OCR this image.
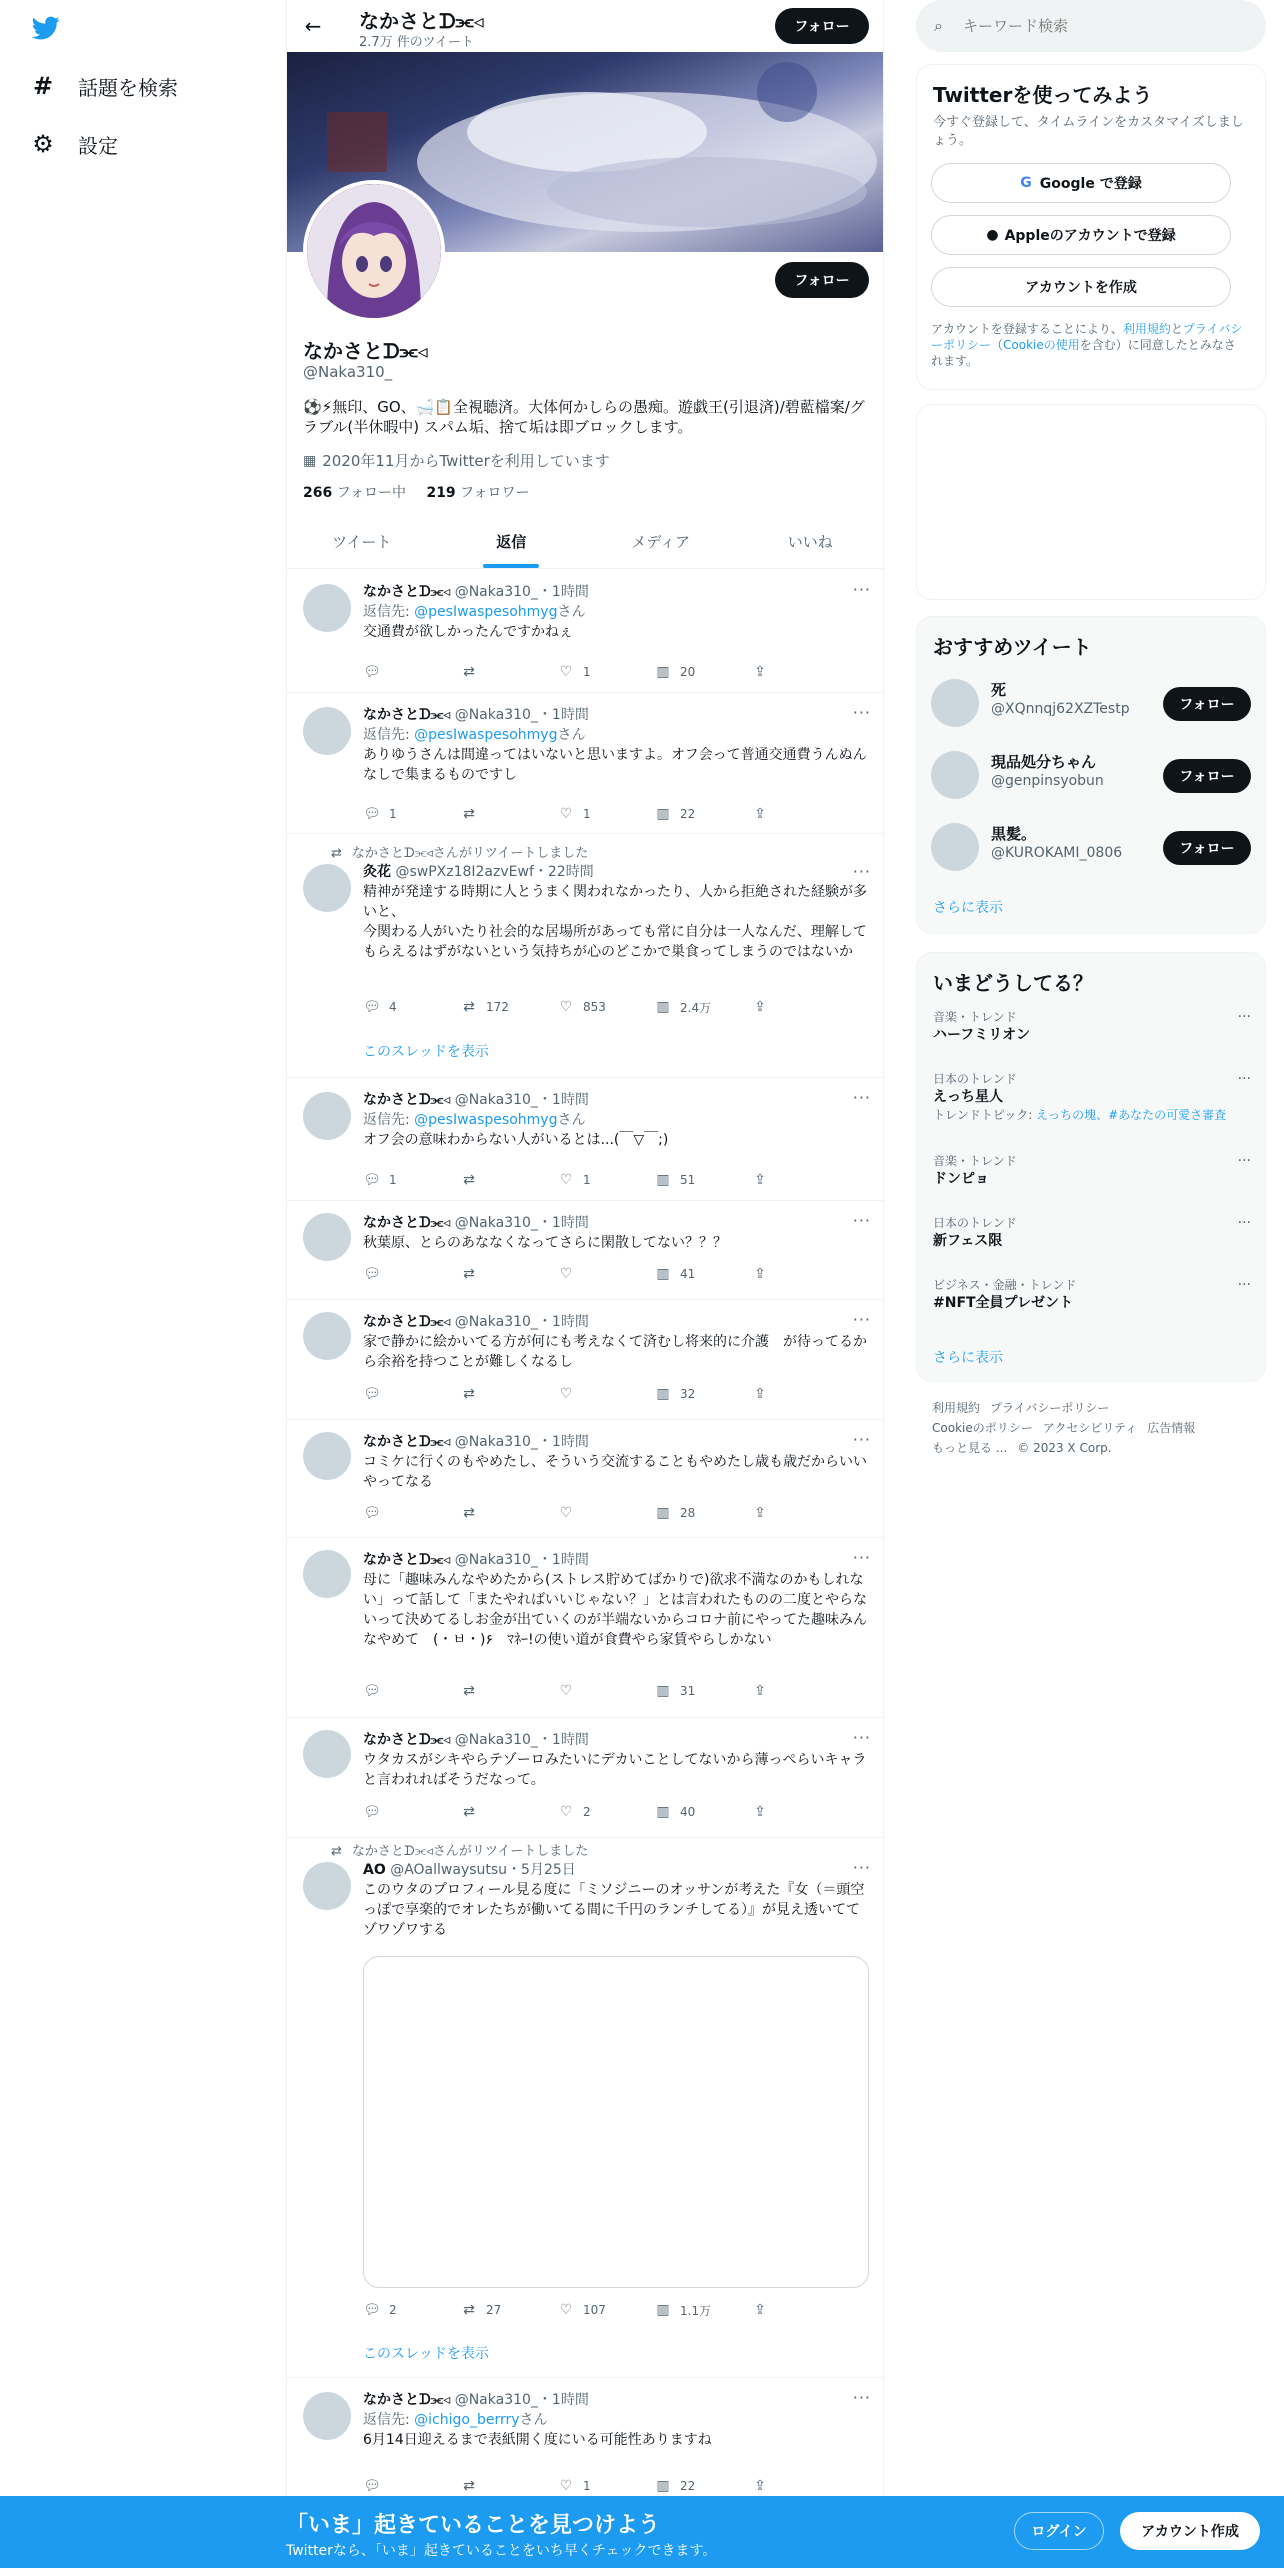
# 話題を検索
⚙ 設定
← なかさとᗪ⫘◃
2.7万 件のツイート
フォロー
フォロー
なかさとᗪ⫘◃
@Naka310_
⚽⚡無印、GO、🛁📋全視聴済。大体何かしらの愚痴。遊戯王(引退済)/碧藍檔案/グラブル(半休暇中) スパム垢、捨て垢は即ブロックします。
▦ 2020年11月からTwitterを利用しています
266 フォロー中 219 フォロワー
ツイート	返信	メディア	いいね
···
なかさとᗪ⫘◃ @Naka310_・1時間
返信先: @pesIwaspesohmygさん
交通費が欲しかったんですかねぇ
💬︎	⇄	♡ 1	▥ 20	⇪
···
なかさとᗪ⫘◃ @Naka310_・1時間
返信先: @pesIwaspesohmygさん
ありゆうさんは間違ってはいないと思いますよ。オフ会って普通交通費うんぬんなしで集まるものですし
💬︎ 1	⇄	♡ 1	▥ 22	⇪
⇄ なかさとᗪ⫘◃さんがリツイートしました
···
灸花 @swPXz18I2azvEwf・22時間
精神が発達する時期に人とうまく関われなかったり、人から拒絶された経験が多いと、
今関わる人がいたり社会的な居場所があっても常に自分は一人なんだ、理解してもらえるはずがないという気持ちが心のどこかで巣食ってしまうのではないか
💬︎ 4	⇄ 172	♡ 853	▥ 2.4万	⇪
このスレッドを表示
···
なかさとᗪ⫘◃ @Naka310_・1時間
返信先: @pesIwaspesohmygさん
オフ会の意味わからない人がいるとは...(￣▽￣;)
💬︎ 1	⇄	♡ 1	▥ 51	⇪
···
なかさとᗪ⫘◃ @Naka310_・1時間
秋葉原、とらのあななくなってさらに閑散してない？？？
💬︎	⇄	♡	▥ 41	⇪
···
なかさとᗪ⫘◃ @Naka310_・1時間
家で静かに絵かいてる方が何にも考えなくて済むし将来的に介護　が待ってるから余裕を持つことが難しくなるし
💬︎	⇄	♡	▥ 32	⇪
···
なかさとᗪ⫘◃ @Naka310_・1時間
コミケに行くのもやめたし、そういう交流することもやめたし歳も歳だからいいやってなる
💬︎	⇄	♡	▥ 28	⇪
···
なかさとᗪ⫘◃ @Naka310_・1時間
母に「趣味みんなやめたから(ストレス貯めてばかりで)欲求不満なのかもしれない」って話して「またやればいいじゃない？」とは言われたものの二度とやらないって決めてるしお金が出ていくのが半端ないからコロナ前にやってた趣味みんなやめて　(・ㅂ・)۶　ﾏﾈｰ!の使い道が食費やら家賃やらしかない
💬︎	⇄	♡	▥ 31	⇪
···
なかさとᗪ⫘◃ @Naka310_・1時間
ウタカスがシキやらテゾーロみたいにデカいことしてないから薄っぺらいキャラと言われればそうだなって。
💬︎	⇄	♡ 2	▥ 40	⇪
⇄ なかさとᗪ⫘◃さんがリツイートしました
···
AO @AOallwaysutsu・5月25日
このウタのプロフィール見る度に「ミソジニーのオッサンが考えた『女（＝頭空っぽで享楽的でオレたちが働いてる間に千円のランチしてる）』が見え透いててゾワゾワする
💬︎ 2	⇄ 27	♡ 107	▥ 1.1万	⇪
このスレッドを表示
···
なかさとᗪ⫘◃ @Naka310_・1時間
返信先: @ichigo_berrryさん
6月14日迎えるまで表紙開く度にいる可能性ありますね
💬︎	⇄	♡ 1	▥ 22	⇪
⌕
キーワード検索
Twitterを使ってみよう
今すぐ登録して、タイムラインをカスタマイズしましょう。
G Google で登録
● Appleのアカウントで登録
アカウントを作成
アカウントを登録することにより、利用規約とプライバシーポリシー（Cookieの使用を含む）に同意したとみなされます。
おすすめツイート
死
@XQnnqj62XZTestp	フォロー
現品処分ちゃん
@genpinsyobun	フォロー
黒髪。
@KUROKAMI_0806	フォロー
さらに表示
いまどうしてる？
音楽・トレンド
ハーフミリオン
···
日本のトレンド
えっち星人
トレンドトピック: えっちの塊、#あなたの可愛さ審査
···
音楽・トレンド
ドンピョ
···
日本のトレンド
新フェス限
···
ビジネス・金融・トレンド
#NFT全員プレゼント
···
さらに表示
利用規約 プライバシーポリシー
Cookieのポリシー アクセシビリティ 広告情報
もっと見る ... © 2023 X Corp.
「いま」起きていることを見つけよう
Twitterなら、「いま」起きていることをいち早くチェックできます。
ログイン	アカウント作成
